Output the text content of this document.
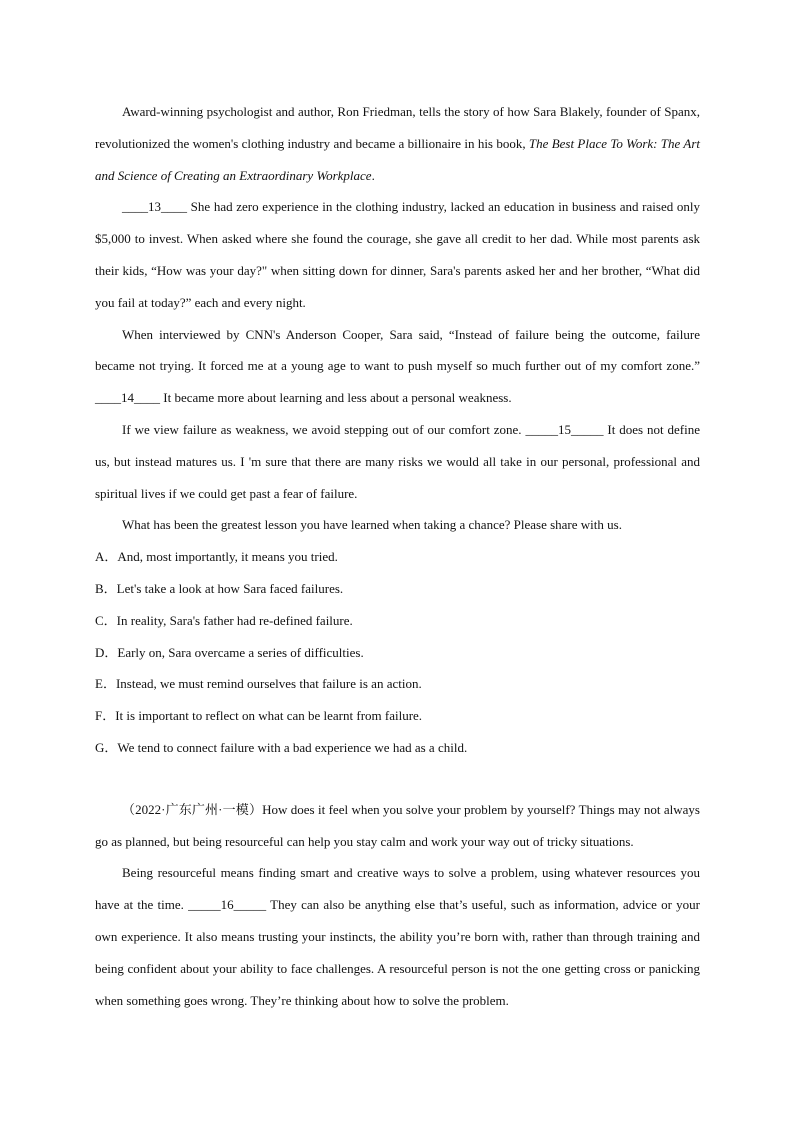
Award-winning psychologist and author, Ron Friedman, tells the story of how Sara Blakely, founder of Spanx, revolutionized the women's clothing industry and became a billionaire in his book, The Best Place To Work: The Art and Science of Creating an Extraordinary Workplace.

____13____ She had zero experience in the clothing industry, lacked an education in business and raised only $5,000 to invest. When asked where she found the courage, she gave all credit to her dad. While most parents ask their kids, “How was your day?" when sitting down for dinner, Sara's parents asked her and her brother, “What did you fail at today?” each and every night.

When interviewed by CNN's Anderson Cooper, Sara said, “Instead of failure being the outcome, failure became not trying. It forced me at a young age to want to push myself so much further out of my comfort zone.” ____14____ It became more about learning and less about a personal weakness.

If we view failure as weakness, we avoid stepping out of our comfort zone. _____15_____ It does not define us, but instead matures us. I 'm sure that there are many risks we would all take in our personal, professional and spiritual lives if we could get past a fear of failure.

What has been the greatest lesson you have learned when taking a chance? Please share with us.

A．And, most importantly, it means you tried.

B．Let's take a look at how Sara faced failures.

C．In reality, Sara's father had re-defined failure.

D．Early on, Sara overcame a series of difficulties.

E．Instead, we must remind ourselves that failure is an action.

F．It is important to reflect on what can be learnt from failure.

G．We tend to connect failure with a bad experience we had as a child.

（2022·广东广州·一模）How does it feel when you solve your problem by yourself? Things may not always go as planned, but being resourceful can help you stay calm and work your way out of tricky situations.

Being resourceful means finding smart and creative ways to solve a problem, using whatever resources you have at the time. _____16_____ They can also be anything else that’s useful, such as information, advice or your own experience. It also means trusting your instincts, the ability you’re born with, rather than through training and being confident about your ability to face challenges. A resourceful person is not the one getting cross or panicking when something goes wrong. They’re thinking about how to solve the problem.
